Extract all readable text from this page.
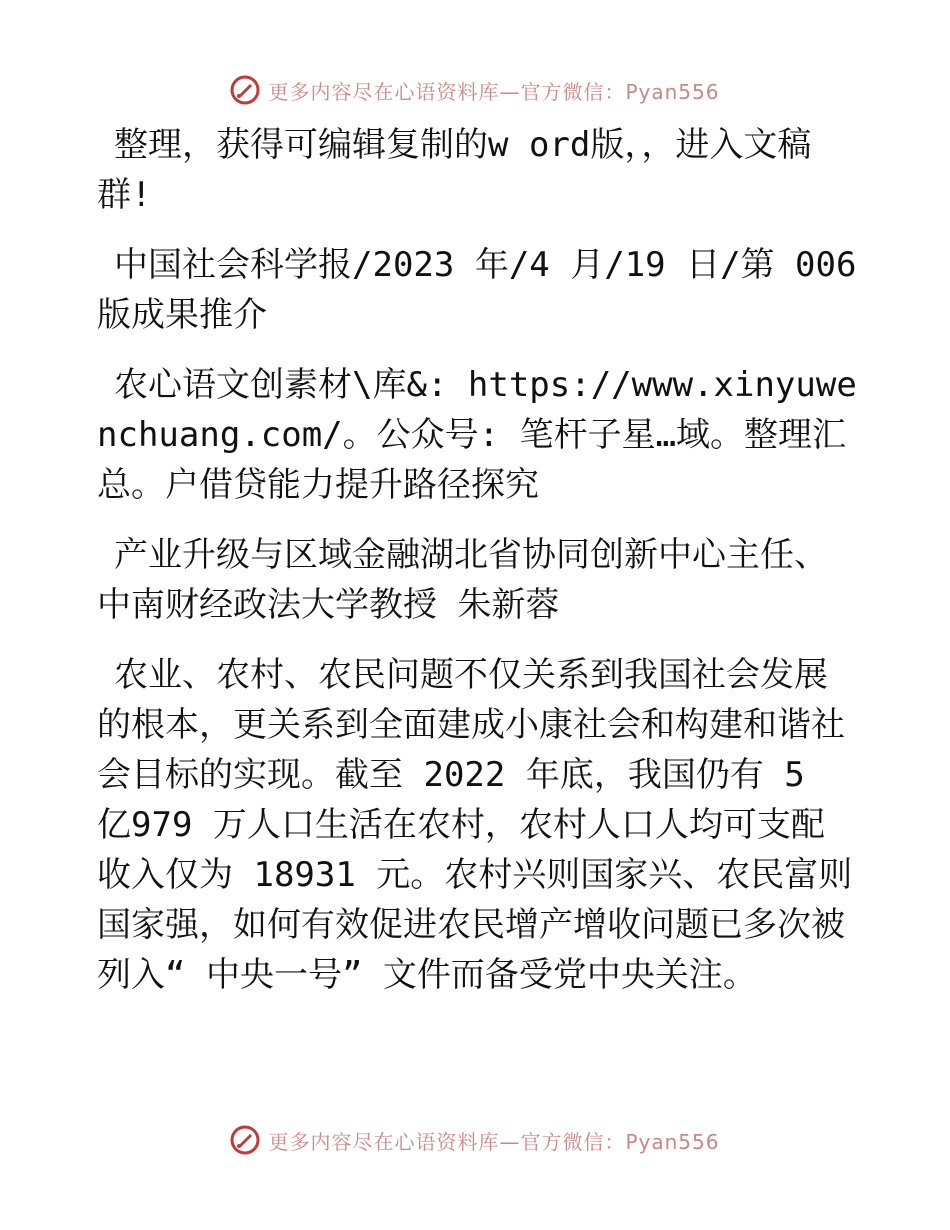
更多内容尽在心语资料库—官方微信：Pyan556

整理，获得可编辑复制的w ord版，，进入文稿群!

中国社会科学报/2023 年/4 月/19 日/第 006 版成果推介

农心语文创素材\库&: https://www.xinyuwenchuang.com/。公众号: 笔杆子星…域。整理汇总。户借贷能力提升路径探究

产业升级与区域金融湖北省协同创新中心主任、中南财经政法大学教授 朱新蓉

农业、农村、农民问题不仅关系到我国社会发展的根本，更关系到全面建成小康社会和构建和谐社会目标的实现。截至 2022 年底，我国仍有 5 亿979 万人口生活在农村，农村人口人均可支配收入仅为 18931 元。农村兴则国家兴、农民富则国家强，如何有效促进农民增产增收问题已多次被列入“ 中央一号” 文件而备受党中央关注。

更多内容尽在心语资料库—官方微信：Pyan556
